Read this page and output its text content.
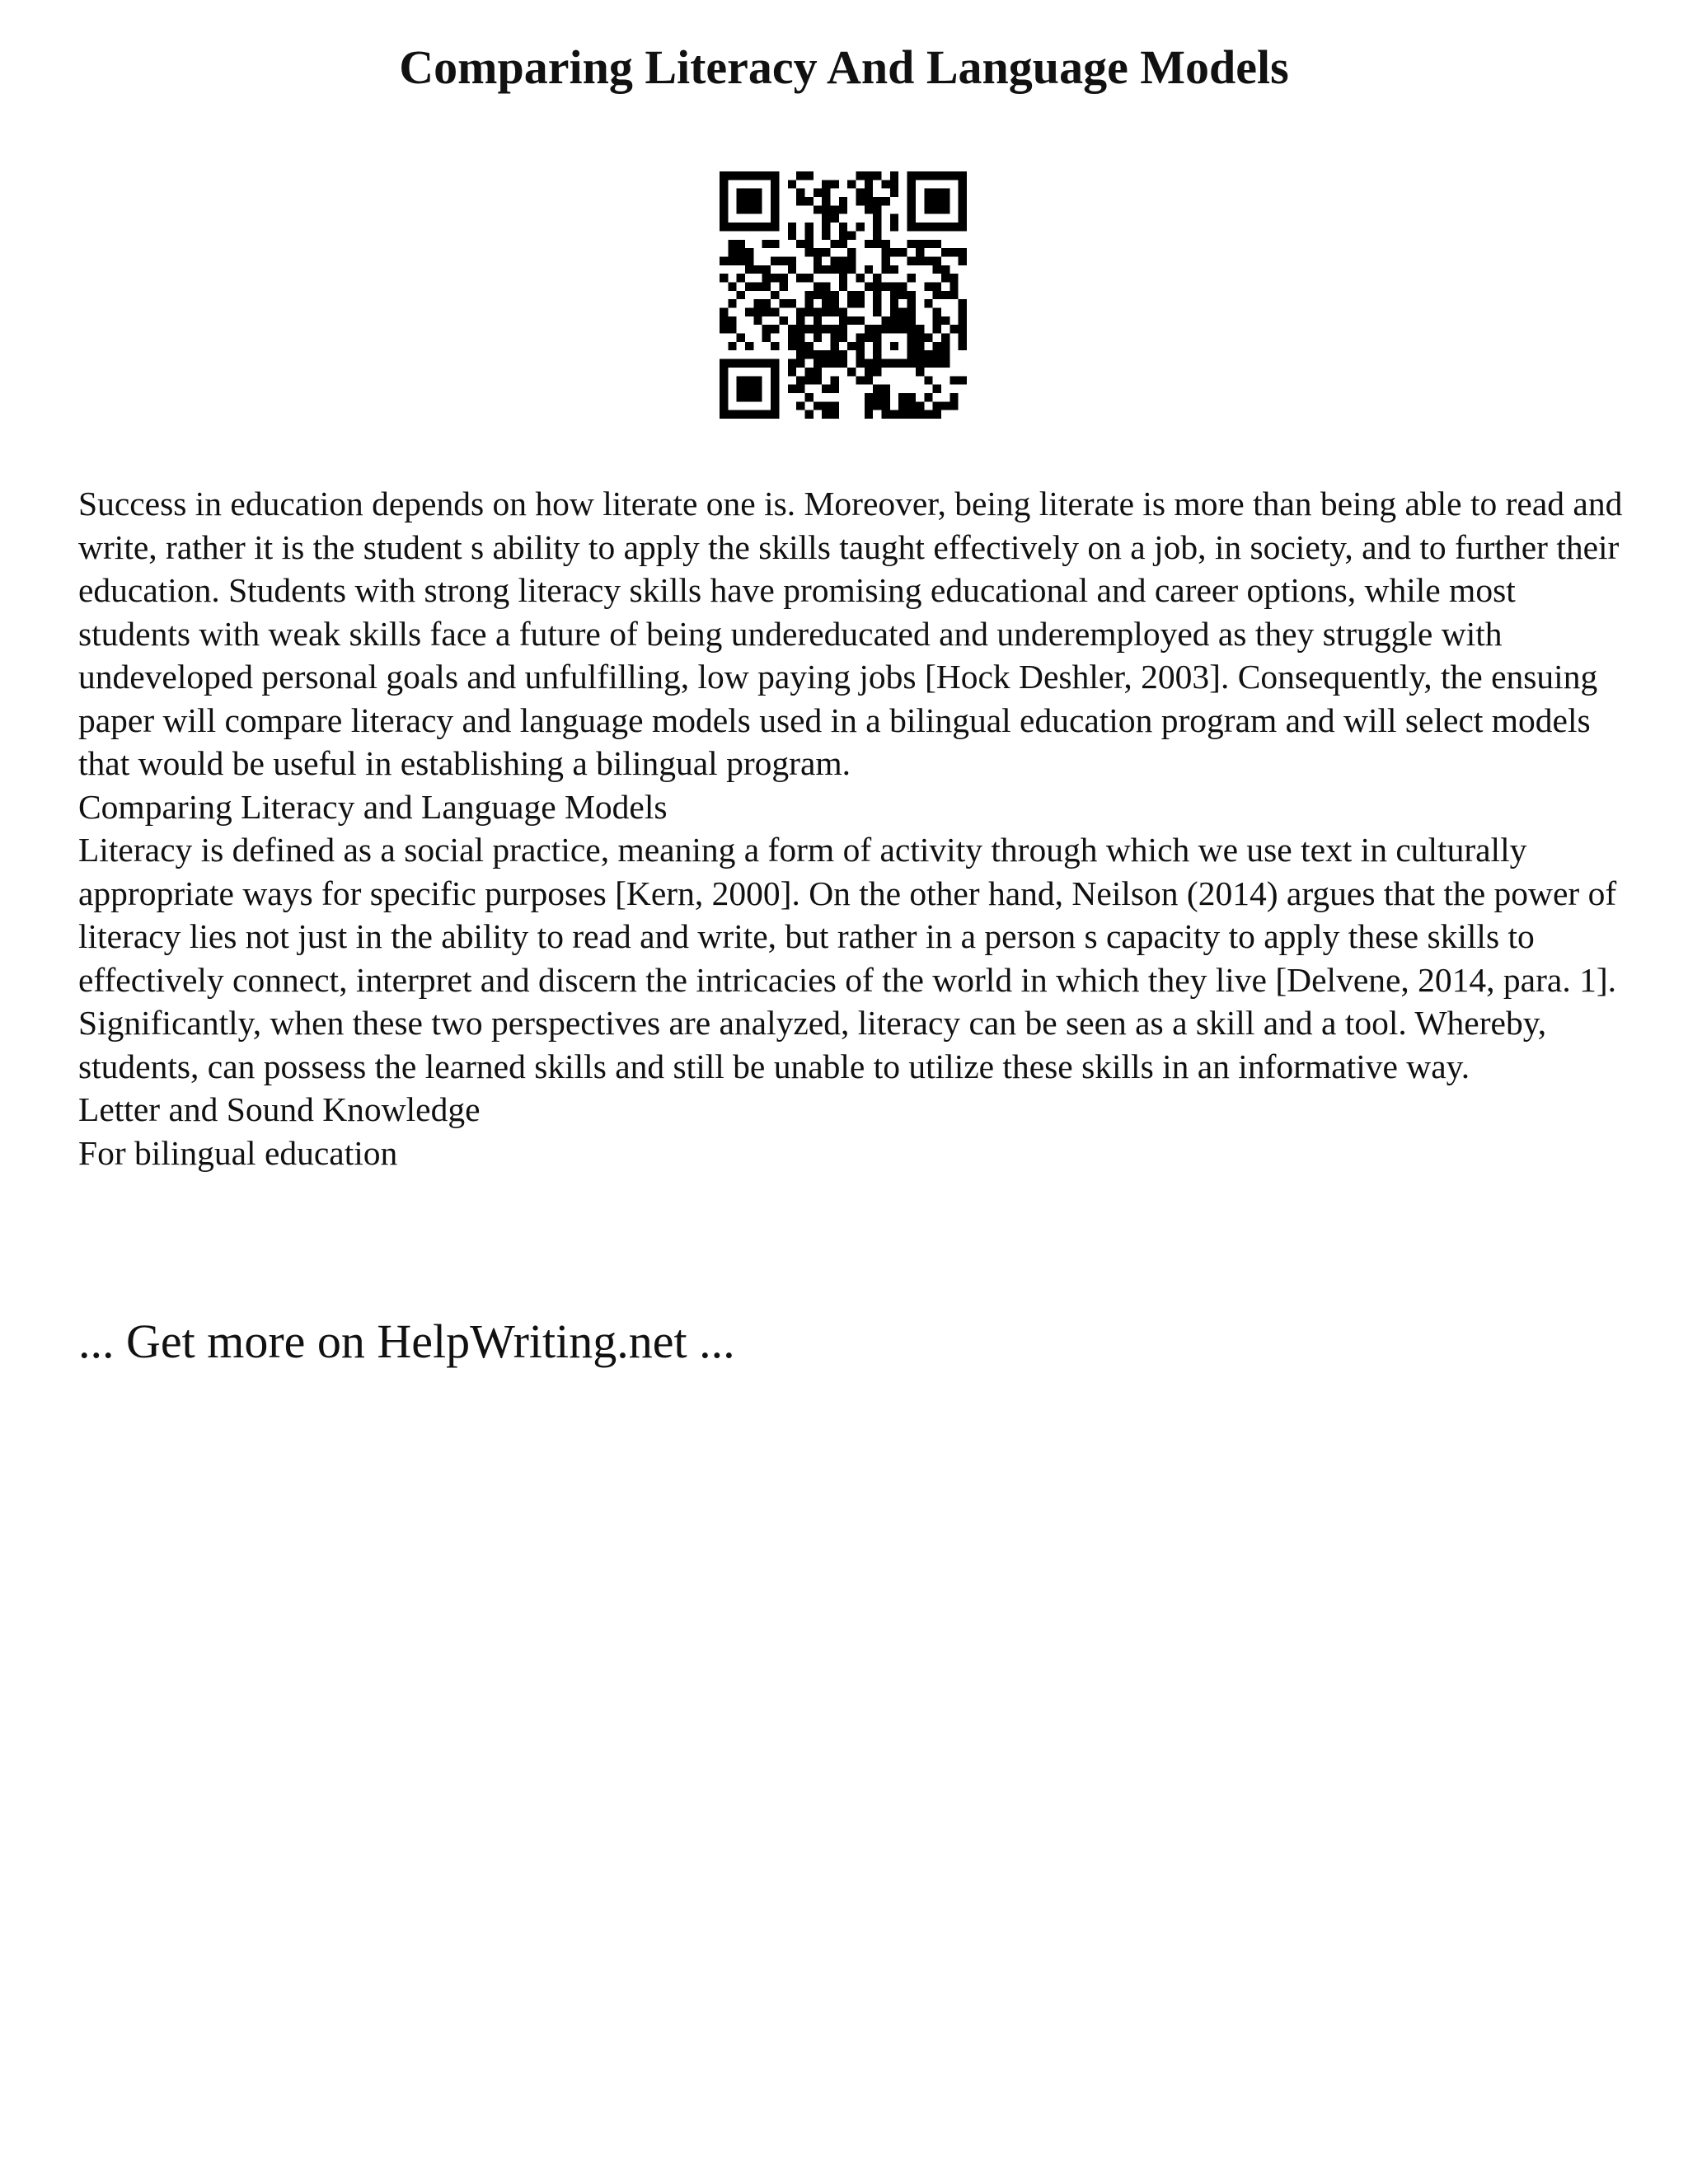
Comparing Literacy And Language Models

Success in education depends on how literate one is. Moreover, being literate is more than being able to read and write, rather it is the student s ability to apply the skills taught effectively on a job, in society, and to further their education. Students with strong literacy skills have promising educational and career options, while most students with weak skills face a future of being undereducated and underemployed as they struggle with undeveloped personal goals and unfulfilling, low paying jobs [Hock Deshler, 2003]. Consequently, the ensuing paper will compare literacy and language models used in a bilingual education program and will select models that would be useful in establishing a bilingual program.

Comparing Literacy and Language Models

Literacy is defined as a social practice, meaning a form of activity through which we use text in culturally appropriate ways for specific purposes [Kern, 2000]. On the other hand, Neilson (2014) argues that the power of literacy lies not just in the ability to read and write, but rather in a person s capacity to apply these skills to effectively connect, interpret and discern the intricacies of the world in which they live [Delvene, 2014, para. 1]. Significantly, when these two perspectives are analyzed, literacy can be seen as a skill and a tool. Whereby, students, can possess the learned skills and still be unable to utilize these skills in an informative way.

Letter and Sound Knowledge

For bilingual education

... Get more on HelpWriting.net ...
